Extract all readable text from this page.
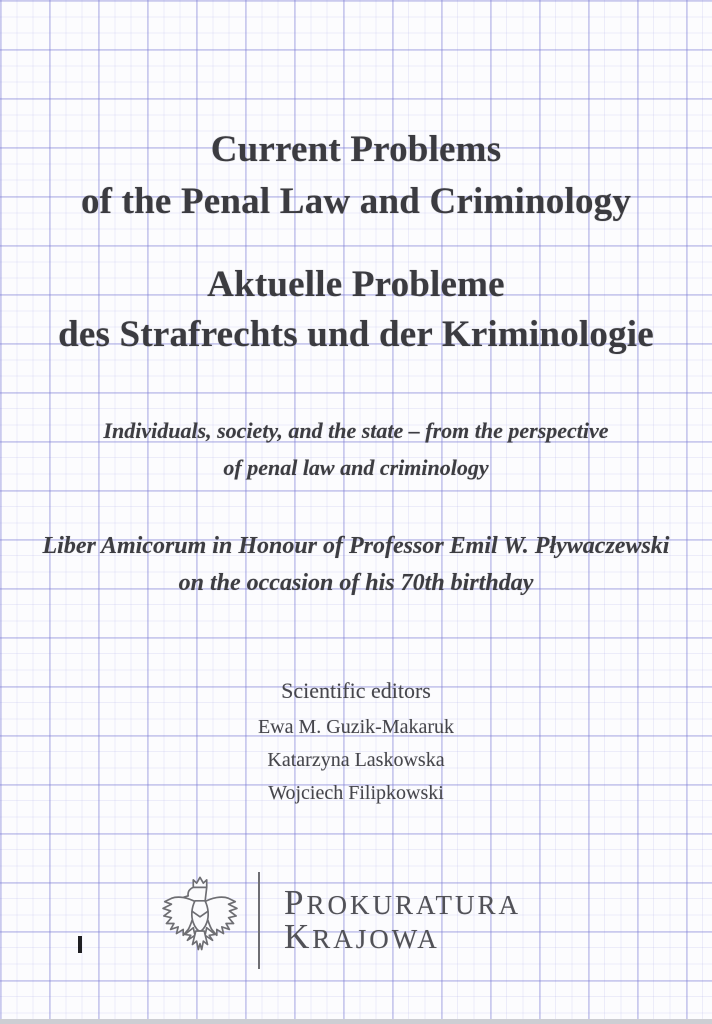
Current Problems
of the Penal Law and Criminology
Aktuelle Probleme
des Strafrechts und der Kriminologie
Individuals, society, and the state – from the perspective
of penal law and criminology
Liber Amicorum in Honour of Professor Emil W. Pływaczewski
on the occasion of his 70th birthday
Scientific editors
Ewa M. Guzik-Makaruk
Katarzyna Laskowska
Wojciech Filipkowski
PROKURATURA
KRAJOWA
